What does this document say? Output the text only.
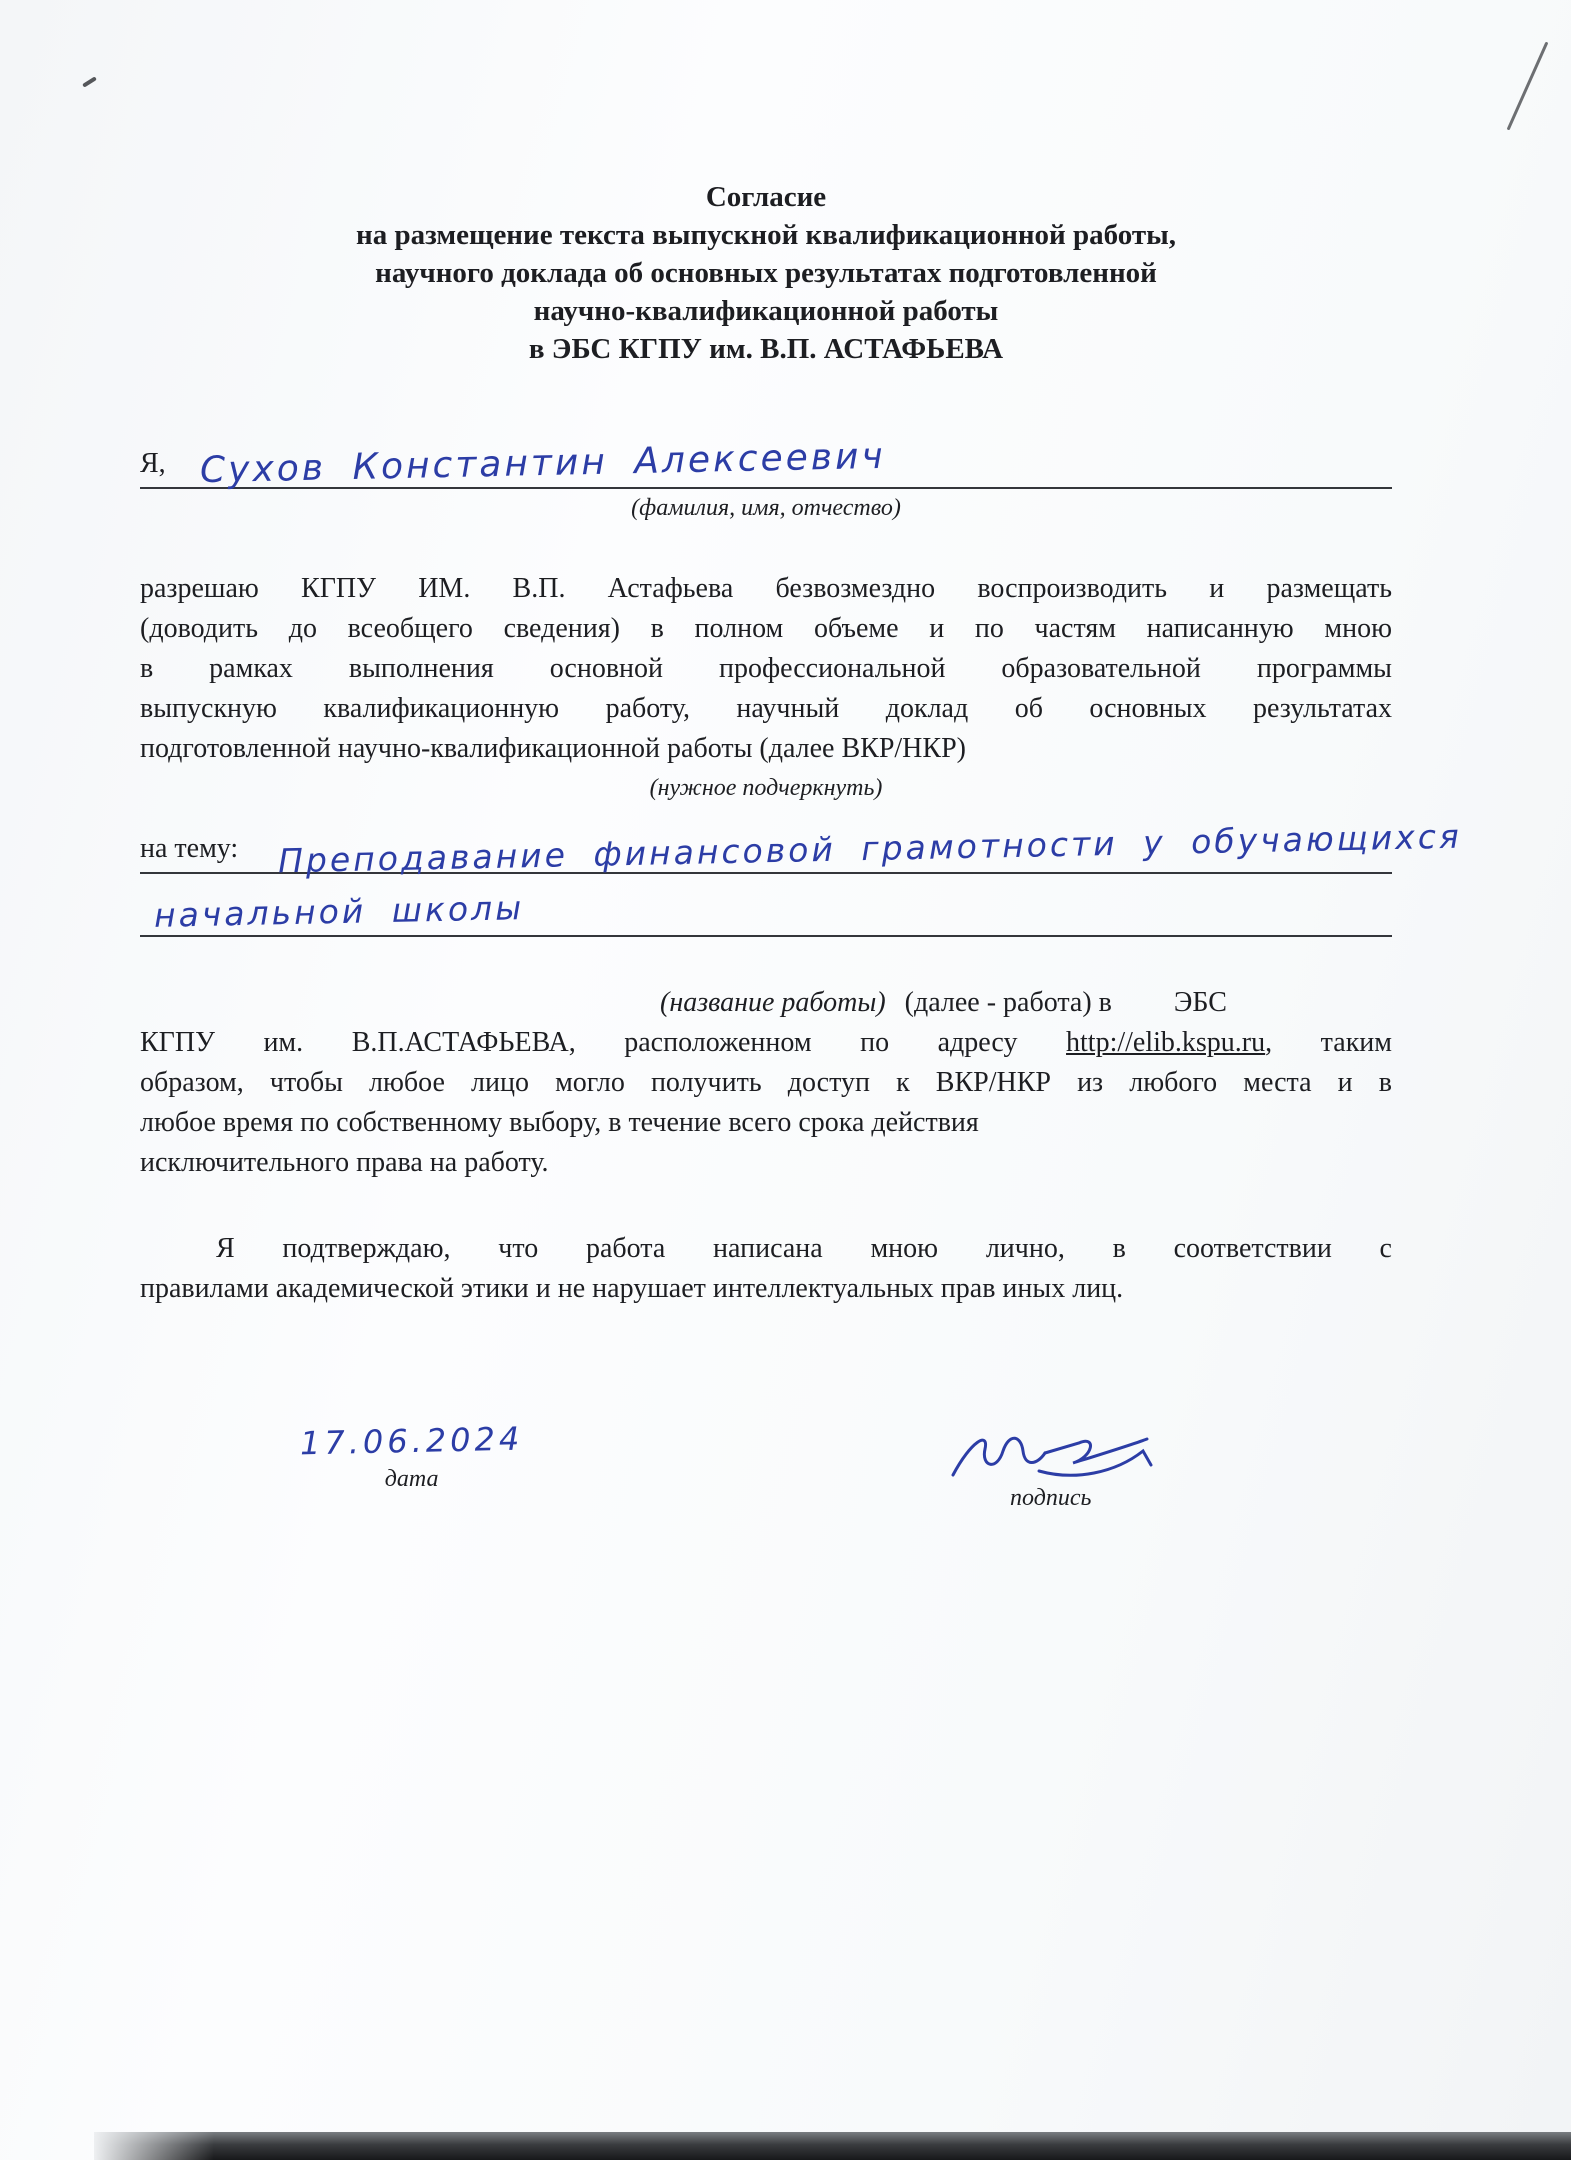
Согласие
на размещение текста выпускной квалификационной работы,
научного доклада об основных результатах подготовленной
научно-квалификационной работы
в ЭБС КГПУ им. В.П. АСТАФЬЕВА
Я, Сухов Константин Алексеевич
(фамилия, имя, отчество)
разрешаю КГПУ ИМ. В.П. Астафьева безвозмездно воспроизводить и размещать
(доводить до всеобщего сведения) в полном объеме и по частям написанную мною
в рамках выполнения основной профессиональной образовательной программы
выпускную квалификационную работу, научный доклад об основных результатах
подготовленной научно-квалификационной работы (далее ВКР/НКР)
(нужное подчеркнуть)
на тему: Преподавание финансовой грамотности у обучающихся
начальной школы
(название работы) (далее - работа) в ЭБС
КГПУ им. В.П.АСТАФЬЕВА, расположенном по адресу http://elib.kspu.ru, таким
образом, чтобы любое лицо могло получить доступ к ВКР/НКР из любого места и в
любое время по собственному выбору, в течение всего срока действия
исключительного права на работу.
Я подтверждаю, что работа написана мною лично, в соответствии с
правилами академической этики и не нарушает интеллектуальных прав иных лиц.
17.06.2024
дата
подпись
